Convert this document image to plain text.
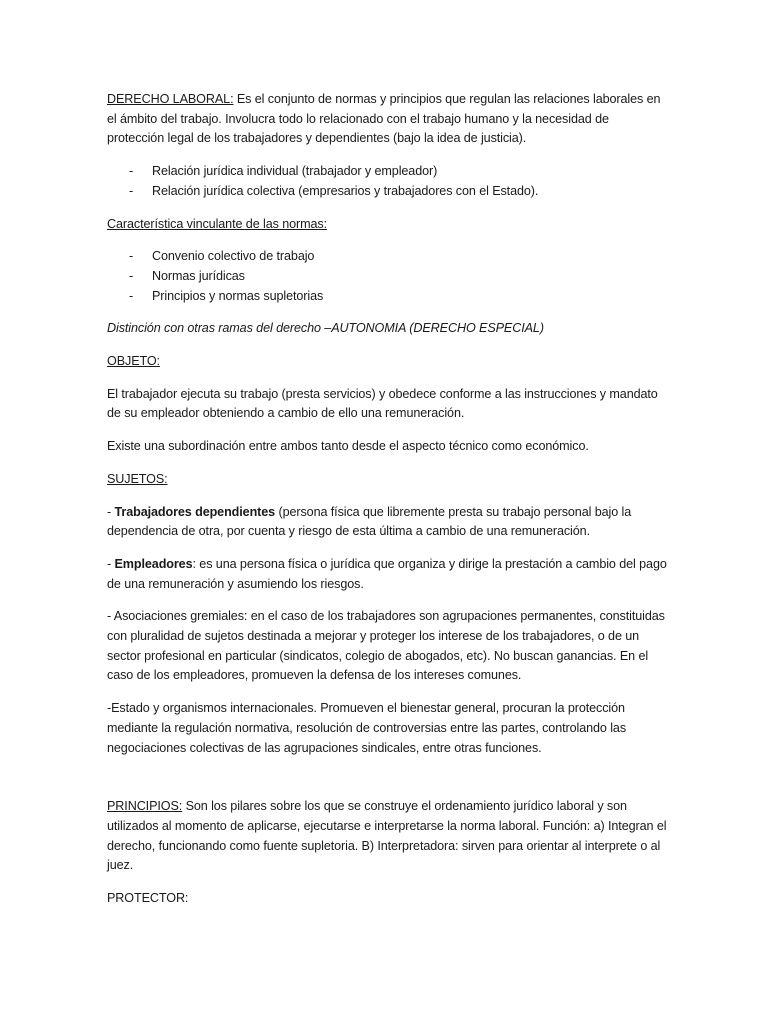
DERECHO LABORAL: Es el conjunto de normas y principios que regulan las relaciones laborales en el ámbito del trabajo. Involucra todo lo relacionado con el trabajo humano y la necesidad de protección legal de los trabajadores y dependientes (bajo la idea de justicia).

- Relación jurídica individual (trabajador y empleador)
- Relación jurídica colectiva (empresarios y trabajadores con el Estado).

Característica vinculante de las normas:

- Convenio colectivo de trabajo
- Normas jurídicas
- Principios y normas supletorias

Distinción con otras ramas del derecho –AUTONOMIA (DERECHO ESPECIAL)

OBJETO:

El trabajador ejecuta su trabajo (presta servicios) y obedece conforme a las instrucciones y mandato de su empleador obteniendo a cambio de ello una remuneración.

Existe una subordinación entre ambos tanto desde el aspecto técnico como económico.

SUJETOS:

- Trabajadores dependientes (persona física que libremente presta su trabajo personal bajo la dependencia de otra, por cuenta y riesgo de esta última a cambio de una remuneración.

- Empleadores: es una persona física o jurídica que organiza y dirige la prestación a cambio del pago de una remuneración y asumiendo los riesgos.

- Asociaciones gremiales: en el caso de los trabajadores son agrupaciones permanentes, constituidas con pluralidad de sujetos destinada a mejorar y proteger los interese de los trabajadores, o de un sector profesional en particular (sindicatos, colegio de abogados, etc). No buscan ganancias. En el caso de los empleadores, promueven la defensa de los intereses comunes.

-Estado y organismos internacionales. Promueven el bienestar general, procuran la protección mediante la regulación normativa, resolución de controversias entre las partes, controlando las negociaciones colectivas de las agrupaciones sindicales, entre otras funciones.

PRINCIPIOS: Son los pilares sobre los que se construye el ordenamiento jurídico laboral y son utilizados al momento de aplicarse, ejecutarse e interpretarse la norma laboral. Función: a) Integran el derecho, funcionando como fuente supletoria. B) Interpretadora: sirven para orientar al interprete o al juez.

PROTECTOR:
